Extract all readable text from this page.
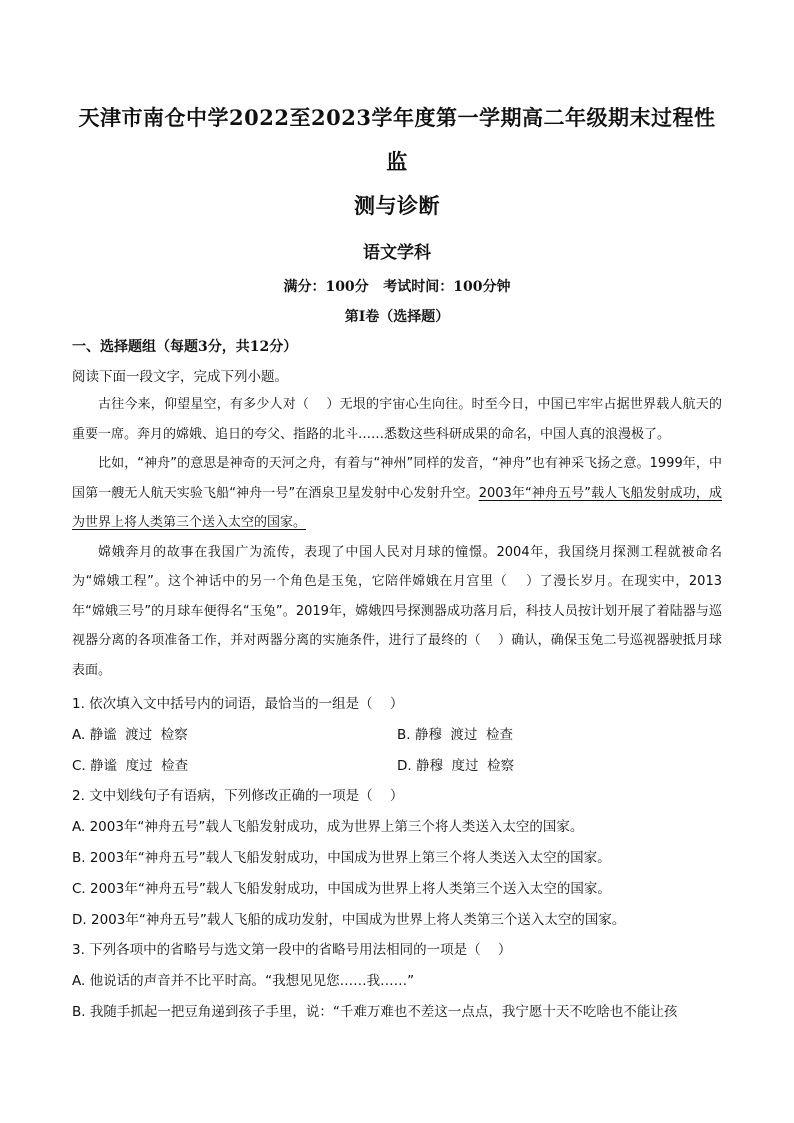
天津市南仓中学2022至2023学年度第一学期高二年级期末过程性监
测与诊断
语文学科
满分：100分   考试时间：100分钟
第Ⅰ卷（选择题）
一、选择题组（每题3分，共12分）
阅读下面一段文字，完成下列小题。

古往今来，仰望星空，有多少人对（    ）无垠的宇宙心生向往。时至今日，中国已牢牢占据世界载人航天的重要一席。奔月的嫦娥、追日的夸父、指路的北斗……悉数这些科研成果的命名，中国人真的浪漫极了。

比如，“神舟”的意思是神奇的天河之舟，有着与“神州”同样的发音，“神舟”也有神采飞扬之意。1999年，中国第一艘无人航天实验飞船“神舟一号”在酒泉卫星发射中心发射升空。2003年“神舟五号”载人飞船发射成功，成为世界上将人类第三个送入太空的国家。

嫦娥奔月的故事在我国广为流传，表现了中国人民对月球的憧憬。2004年，我国绕月探测工程就被命名为“嫦娥工程”。这个神话中的另一个角色是玉兔，它陪伴嫦娥在月宫里（    ）了漫长岁月。在现实中，2013年“嫦娥三号”的月球车便得名“玉兔”。2019年，嫦娥四号探测器成功落月后，科技人员按计划开展了着陆器与巡视器分离的各项准备工作，并对两器分离的实施条件，进行了最终的（    ）确认，确保玉兔二号巡视器驶抵月球表面。

1. 依次填入文中括号内的词语，最恰当的一组是（    ）
A. 静谧  渡过  检察	B. 静穆  渡过  检查
C. 静谧  度过  检查	D. 静穆  度过  检察
2. 文中划线句子有语病，下列修改正确的一项是（    ）
A. 2003年“神舟五号”载人飞船发射成功，成为世界上第三个将人类送入太空的国家。
B. 2003年“神舟五号”载人飞船发射成功，中国成为世界上第三个将人类送入太空的国家。
C. 2003年“神舟五号”载人飞船发射成功，中国成为世界上将人类第三个送入太空的国家。
D. 2003年“神舟五号”载人飞船的成功发射，中国成为世界上将人类第三个送入太空的国家。
3. 下列各项中的省略号与选文第一段中的省略号用法相同的一项是（    ）
A. 他说话的声音并不比平时高。“我想见见您……我……”
B. 我随手抓起一把豆角递到孩子手里，说：“千难万难也不差这一点点，我宁愿十天不吃啥也不能让孩
